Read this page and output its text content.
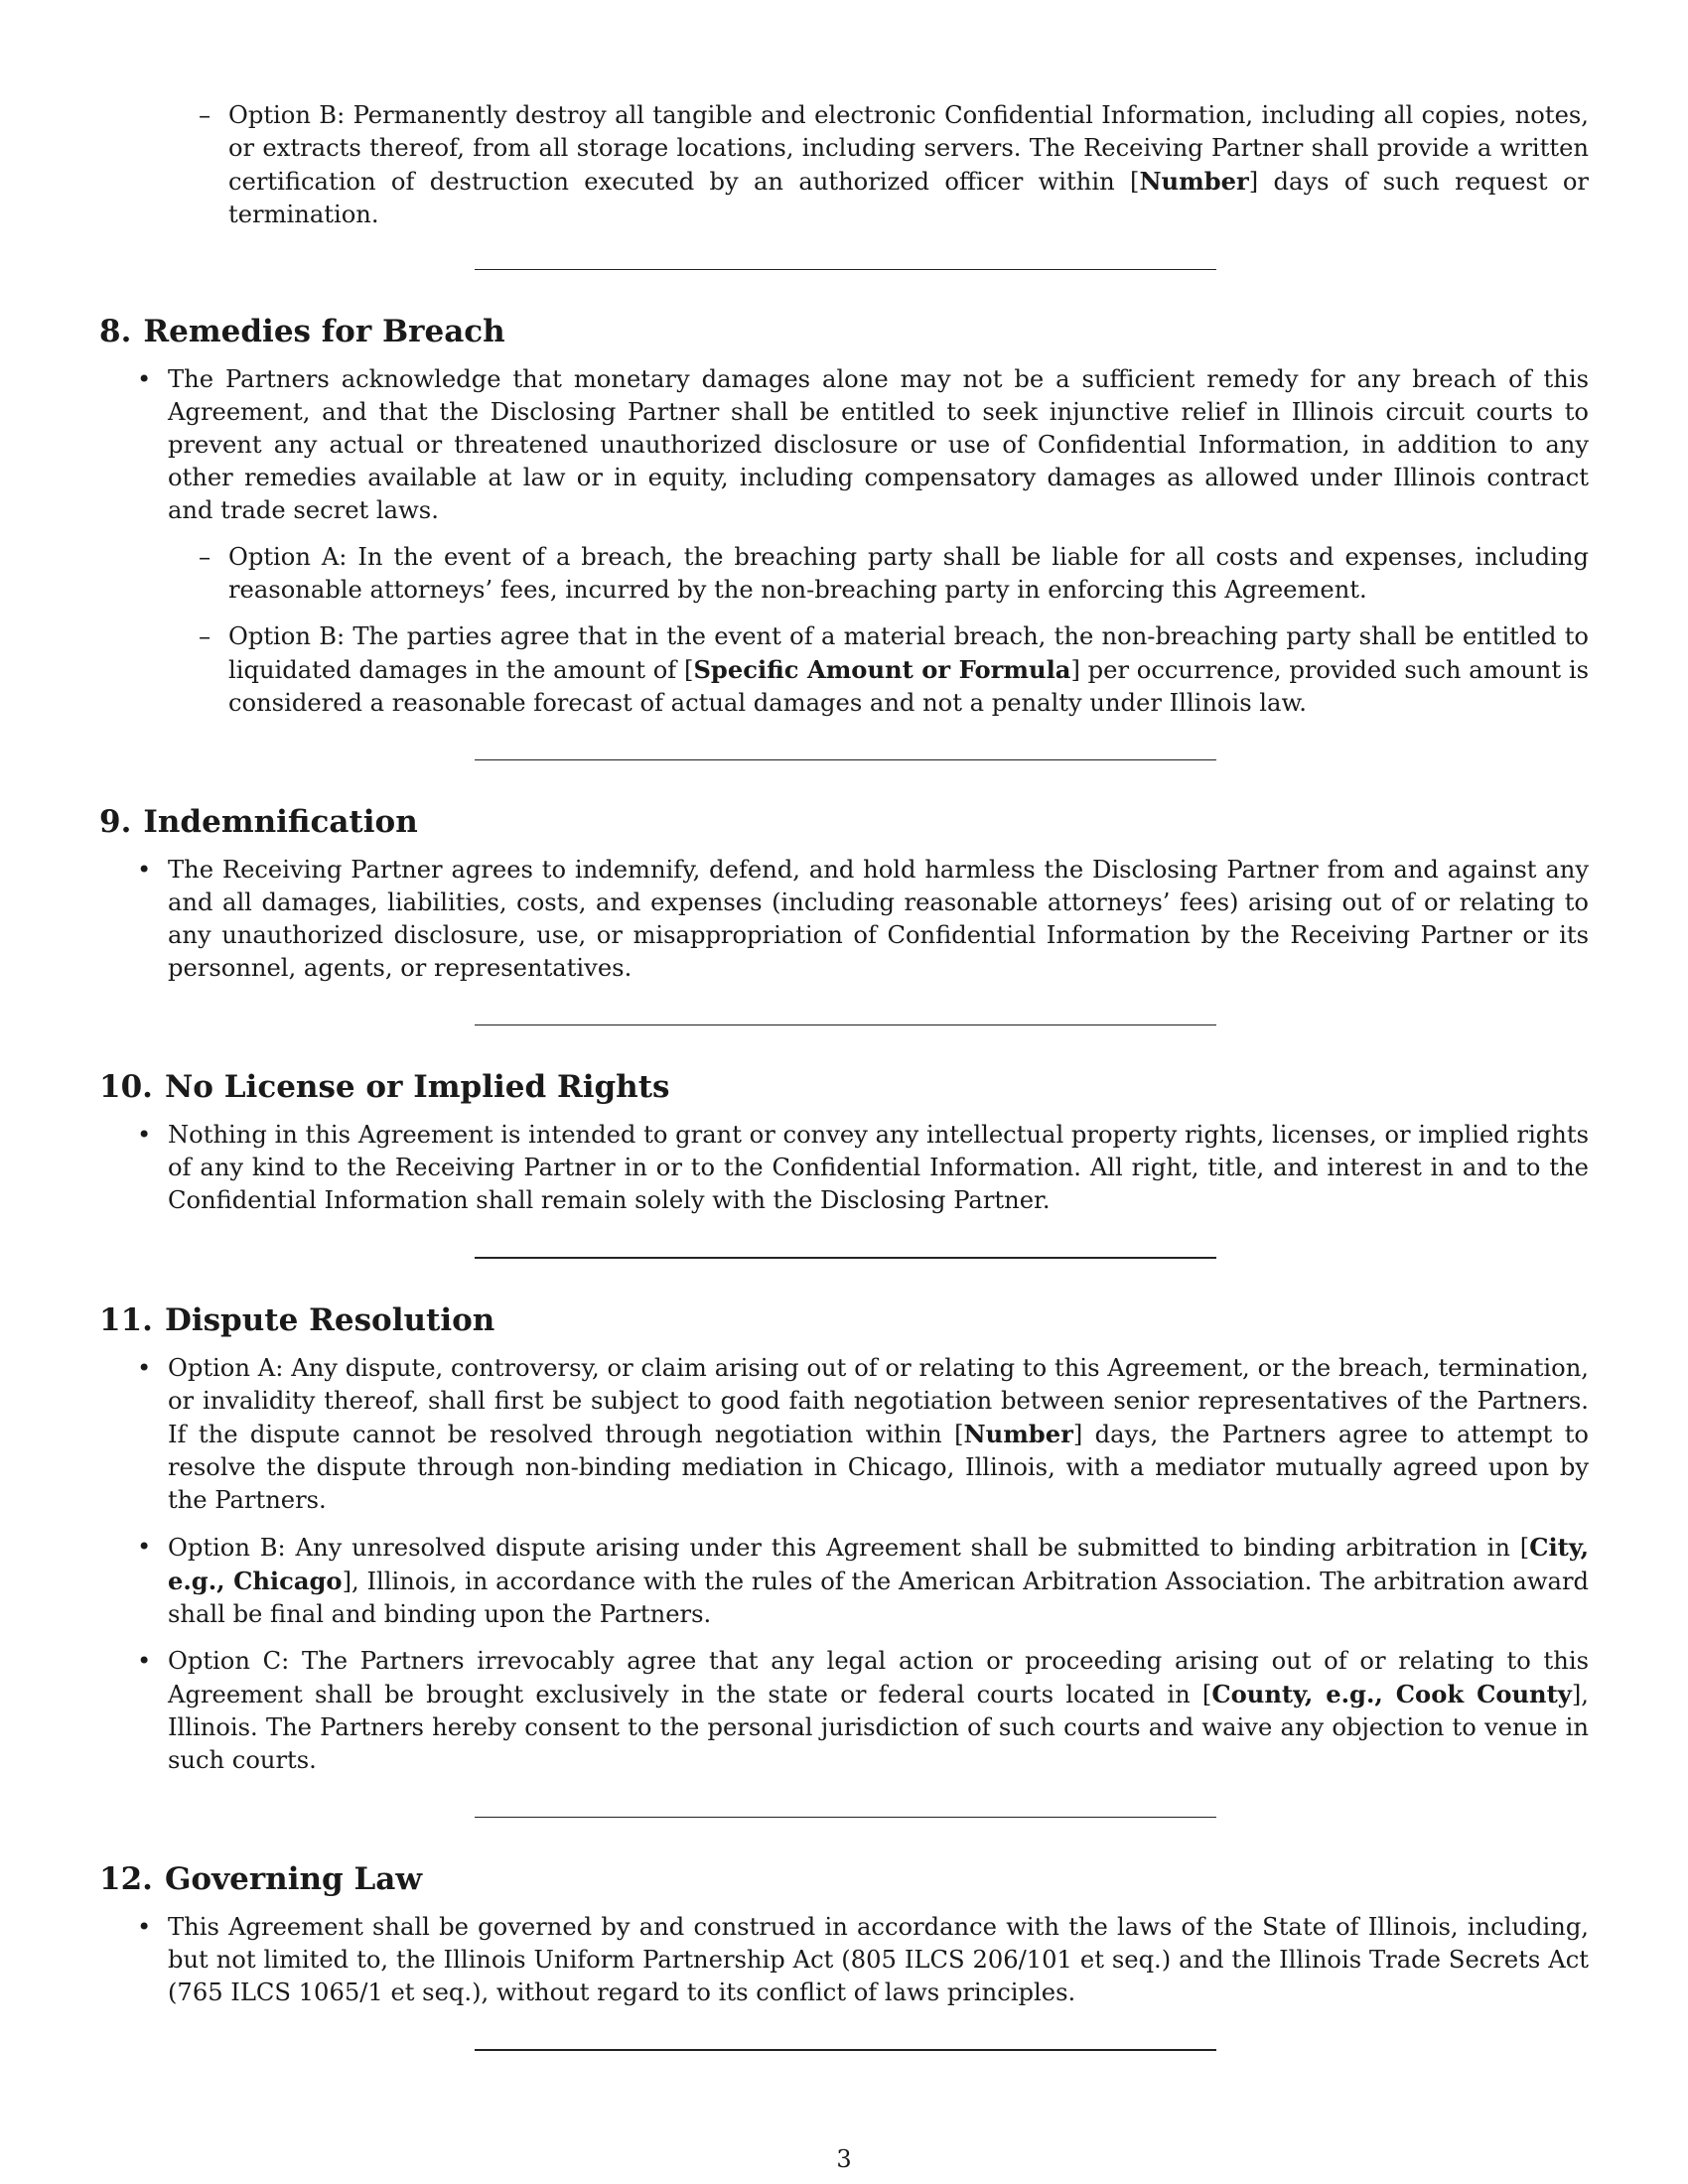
– Option B: Permanently destroy all tangible and electronic Confidential Information, including all copies, notes, or extracts thereof, from all storage locations, including servers. The Receiving Partner shall provide a written certification of destruction executed by an authorized officer within [Number] days of such request or termination.
8. Remedies for Breach
• The Partners acknowledge that monetary damages alone may not be a sufficient remedy for any breach of this Agreement, and that the Disclosing Partner shall be entitled to seek injunctive relief in Illinois circuit courts to prevent any actual or threatened unauthorized disclosure or use of Confidential Information, in addition to any other remedies available at law or in equity, including compensatory damages as allowed under Illinois contract and trade secret laws.
– Option A: In the event of a breach, the breaching party shall be liable for all costs and expenses, including reasonable attorneys’ fees, incurred by the non-breaching party in enforcing this Agreement.
– Option B: The parties agree that in the event of a material breach, the non-breaching party shall be entitled to liquidated damages in the amount of [Specific Amount or Formula] per occurrence, provided such amount is considered a reasonable forecast of actual damages and not a penalty under Illinois law.
9. Indemnification
• The Receiving Partner agrees to indemnify, defend, and hold harmless the Disclosing Partner from and against any and all damages, liabilities, costs, and expenses (including reasonable attorneys’ fees) arising out of or relating to any unauthorized disclosure, use, or misappropriation of Confidential Information by the Receiving Partner or its personnel, agents, or representatives.
10. No License or Implied Rights
• Nothing in this Agreement is intended to grant or convey any intellectual property rights, licenses, or implied rights of any kind to the Receiving Partner in or to the Confidential Information. All right, title, and interest in and to the Confidential Information shall remain solely with the Disclosing Partner.
11. Dispute Resolution
• Option A: Any dispute, controversy, or claim arising out of or relating to this Agreement, or the breach, termination, or invalidity thereof, shall first be subject to good faith negotiation between senior representatives of the Partners. If the dispute cannot be resolved through negotiation within [Number] days, the Partners agree to attempt to resolve the dispute through non-binding mediation in Chicago, Illinois, with a mediator mutually agreed upon by the Partners.
• Option B: Any unresolved dispute arising under this Agreement shall be submitted to binding arbitration in [City, e.g., Chicago], Illinois, in accordance with the rules of the American Arbitration Association. The arbitration award shall be final and binding upon the Partners.
• Option C: The Partners irrevocably agree that any legal action or proceeding arising out of or relating to this Agreement shall be brought exclusively in the state or federal courts located in [County, e.g., Cook County], Illinois. The Partners hereby consent to the personal jurisdiction of such courts and waive any objection to venue in such courts.
12. Governing Law
• This Agreement shall be governed by and construed in accordance with the laws of the State of Illinois, including, but not limited to, the Illinois Uniform Partnership Act (805 ILCS 206/101 et seq.) and the Illinois Trade Secrets Act (765 ILCS 1065/1 et seq.), without regard to its conflict of laws principles.
3
